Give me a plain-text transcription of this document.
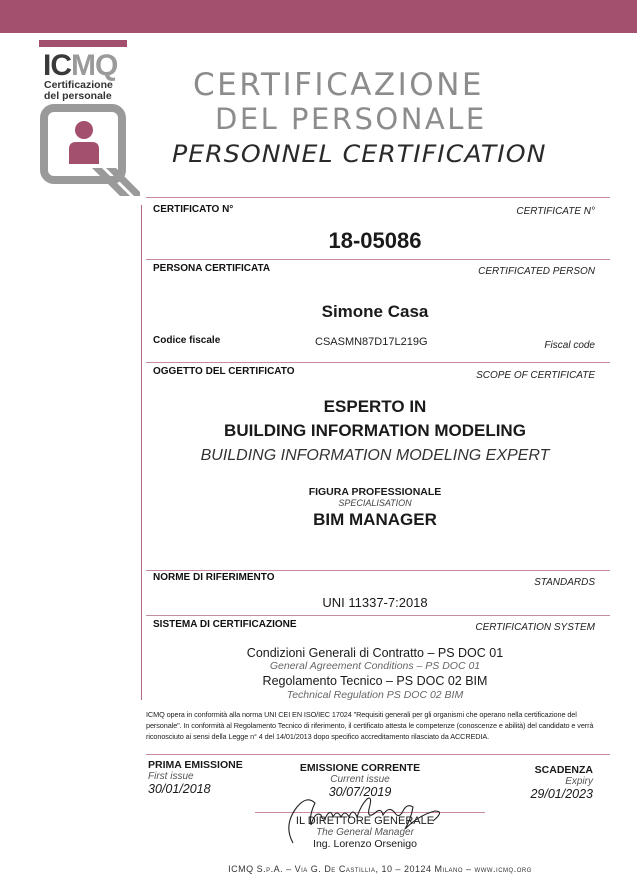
ICMQ
Certificazione
del personale	CERTIFICAZIONE
DEL PERSONALE
PERSONNEL CERTIFICATION
CERTIFICATO N°	CERTIFICATE N°
18-05086
PERSONA CERTIFICATA	CERTIFICATED PERSON
Simone Casa
Codice fiscale	CSASMN87D17L219G	Fiscal code
OGGETTO DEL CERTIFICATO	SCOPE OF CERTIFICATE
ESPERTO IN
BUILDING INFORMATION MODELING
BUILDING INFORMATION MODELING EXPERT
FIGURA PROFESSIONALE
SPECIALISATION
BIM MANAGER
NORME DI RIFERIMENTO	STANDARDS
UNI 11337-7:2018
SISTEMA DI CERTIFICAZIONE	CERTIFICATION SYSTEM
Condizioni Generali di Contratto – PS DOC 01
General Agreement Conditions – PS DOC 01
Regolamento Tecnico – PS DOC 02 BIM
Technical Regulation PS DOC 02 BIM
ICMQ opera in conformità alla norma UNI CEI EN ISO/IEC 17024 "Requisiti generali per gli organismi che operano nella certificazione del personale". In conformità al Regolamento Tecnico di riferimento, il certificato attesta le competenze (conoscenze e abilità) del candidato e verrà riconosciuto ai sensi della Legge n° 4 del 14/01/2013 dopo specifico accreditamento rilasciato da ACCREDIA.
PRIMA EMISSIONE
First issue
30/01/2018
EMISSIONE CORRENTE
Current issue
30/07/2019
SCADENZA
Expiry
29/01/2023
IL DIRETTORE GENERALE
The General Manager
Ing. Lorenzo Orsenigo
ICMQ S.p.A. – Via G. De Castillia, 10 – 20124 Milano – www.icmq.org
